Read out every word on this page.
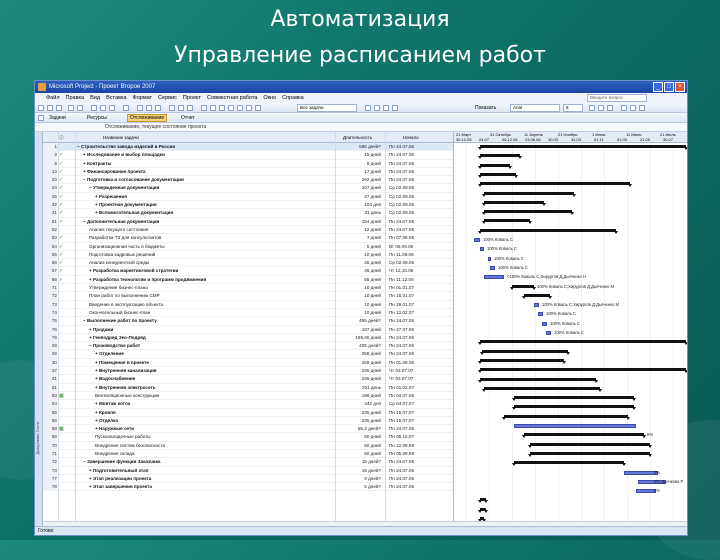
Автоматизация
Управление расписанием работ
Microsoft Project - Проект Второе 2007	_	□	×
Файл	Правка	Вид	Вставка	Формат	Сервис	Проект	Совместная работа	Окно	Справка	Введите вопрос
Все задачи	Показать	Arial	8
Задачи	Ресурсы	Отслеживание	Отчет
Отслеживание, текущее состояние проекта
Диаграмма Ганта
ⓘ	Название задачи	Длительность	Начало
1	− Строительство завода изделий в России	585 дней? Пн 24.07.06
2 ✓	+ Исследование и выбор площадки	15 дней Пн 24.07.06
8 ✓	+ Контракты	5 дней Пн 24.07.06
13 ✓	+ Финансирование проекта	17 дней Пн 24.07.06
23 ✓	− Подготовка и согласование документации	262 дней Пн 24.07.06
24 ✓	− Утвержденная документация	107 дней Ср 02.08.06
25 ✓	+ Разрешения	47 дней Ср 02.08.06
32 ✓	+ Проектная документация	103 дня Ср 02.08.06
41 ✓	+ Вспомогательная документация	31 день Ср 02.08.06
51 ✓	− Дополнительная документация	154 дней Пн 24.07.06
52	Анализ текущего состояния	12 дней Пн 24.07.06
53 ✓	Разработка ТЗ для консультантов	7 дней Пн 07.08.06
54 ✓	Организационная часть и бюджеты	5 дней Вт 05.09.06
55 ✓	Подготовка кадровых решений	10 дней Пн 11.09.06
56 ✓	Анализ конкурентной среды	45 дней Ср 02.08.06
57 ✓	+ Разработка маркетинговой стратегии	46 дней Чт 12.10.06
66 ✓	+ Разработка технологии и программ продвижения	55 дней Пн 11.12.06
71	Утверждение бизнес-плана	10 дней Пн 01.01.07
72	План работ по выполнению СМР	10 дней Пн 15.01.07
73	Введение в эксплуатацию объекта	10 дней Пн 29.01.07
74	Окончательный бизнес-план	10 дней Пн 12.02.07
75	− Выполнение работ по проекту	485 дней? Пн 24.07.06
76	+ Продажи	187 дней Пн 27.07.06
79	+ Генподряд Зео-Подряд	185,45 дней Пн 24.07.06
28	− Производство работ	405 дней? Пн 24.07.06
29	+ Отделение	258 дней Пн 24.07.06
30	+ Помещение в проекте	258 дней Пн 01.08.06
37	+ Внутренняя канализация	235 дней Чт 02.07.07
41	+ Водоснабжение	235 дней Чт 02.07.07
51	+ Внутренняя электросеть	251 день Пн 01.02.07
53 ▦	Вентиляционные конструкции	196 дней Пн 04.07.06
54	+ Монтаж котла	242 дня Ср 04.07.07
55	+ Кровля	235 дней Пн 15.07.07
56	+ Отделка	235 дней Пн 15.07.07
58 ▦	+ Наружные сети	55,2 дней? Пн 24.07.06
69	Пусконаладочные работы	60 дней Пн 05.12.07
70	Внедрение систем безопасности	60 дней Пн 12.09.08
71	Внедрение склада	60 дней Пн 05.09.08
72	− Завершение функции Заказчика	15 дней? Пн 24.07.06
73	+ Подготовительный этап	15 дней? Пн 24.07.06
77	+ Этап реализации проекта	9 дней? Пн 24.07.06
78	+ Этап завершения проекта	5 дней? Пн 24.07.06
21 Март	31 Октябрь	11 Апрель	21 Ноябрь	1 Июнь	11 Июль	21 Июль
30.12.05 24.07	06.12.06 23.06.06 30.03	31.03	01.11	01.05	21.05	30.07
100% Коваль С
100% Коваль С
100% Коваль С
100% Коваль С
<100% Коваль С;Хирургов Д;Дьяченко Н
100% Коваль С;Хирургов Д;Дьяченко М
100% Коваль С;Хирургов Д;Дьяченко М
100% Коваль С
100% Коваль С
100% Коваль С
0%
0%
0% Дьячкова Р
0%
Готово
